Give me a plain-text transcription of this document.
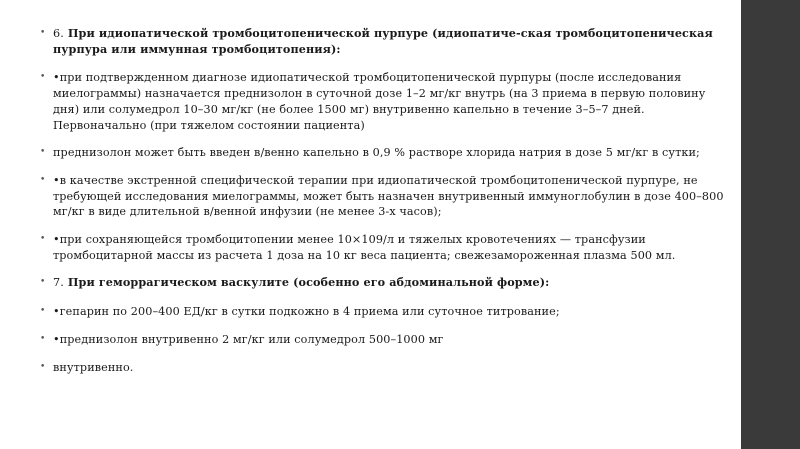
• 6. При идиопатической тромбоцитопенической пурпуре (идиопатиче-ская тромбоцитопеническая пурпура или иммунная тромбоцитопения):
• •при подтвержденном диагнозе идиопатической тромбоцитопенической пурпуры (после исследования миелограммы) назначается преднизолон в суточной дозе 1–2 мг/кг внутрь (на 3 приема в первую половину дня) или солумедрол 10–30 мг/кг (не более 1500 мг) внутривенно капельно в течение 3–5–7 дней. Первоначально (при тяжелом состоянии пациента)
• преднизолон может быть введен в/венно капельно в 0,9 % растворе хлорида натрия в дозе 5 мг/кг в сутки;
• •в качестве экстренной специфической терапии при идиопатической тромбоцитопенической пурпуре, не требующей исследования миелограммы, может быть назначен внутривенный иммуноглобулин в дозе 400–800 мг/кг в виде длительной в/венной инфузии (не менее 3-х часов);
• •при сохраняющейся тромбоцитопении менее 10×109/л и тяжелых кровотечениях — трансфузии тромбоцитарной массы из расчета 1 доза на 10 кг веса пациента; свежезамороженная плазма 500 мл.
• 7. При геморрагическом васкулите (особенно его абдоминальной форме):
• •гепарин по 200–400 ЕД/кг в сутки подкожно в 4 приема или суточное титрование;
• •преднизолон внутривенно 2 мг/кг или солумедрол 500–1000 мг
• внутривенно.
